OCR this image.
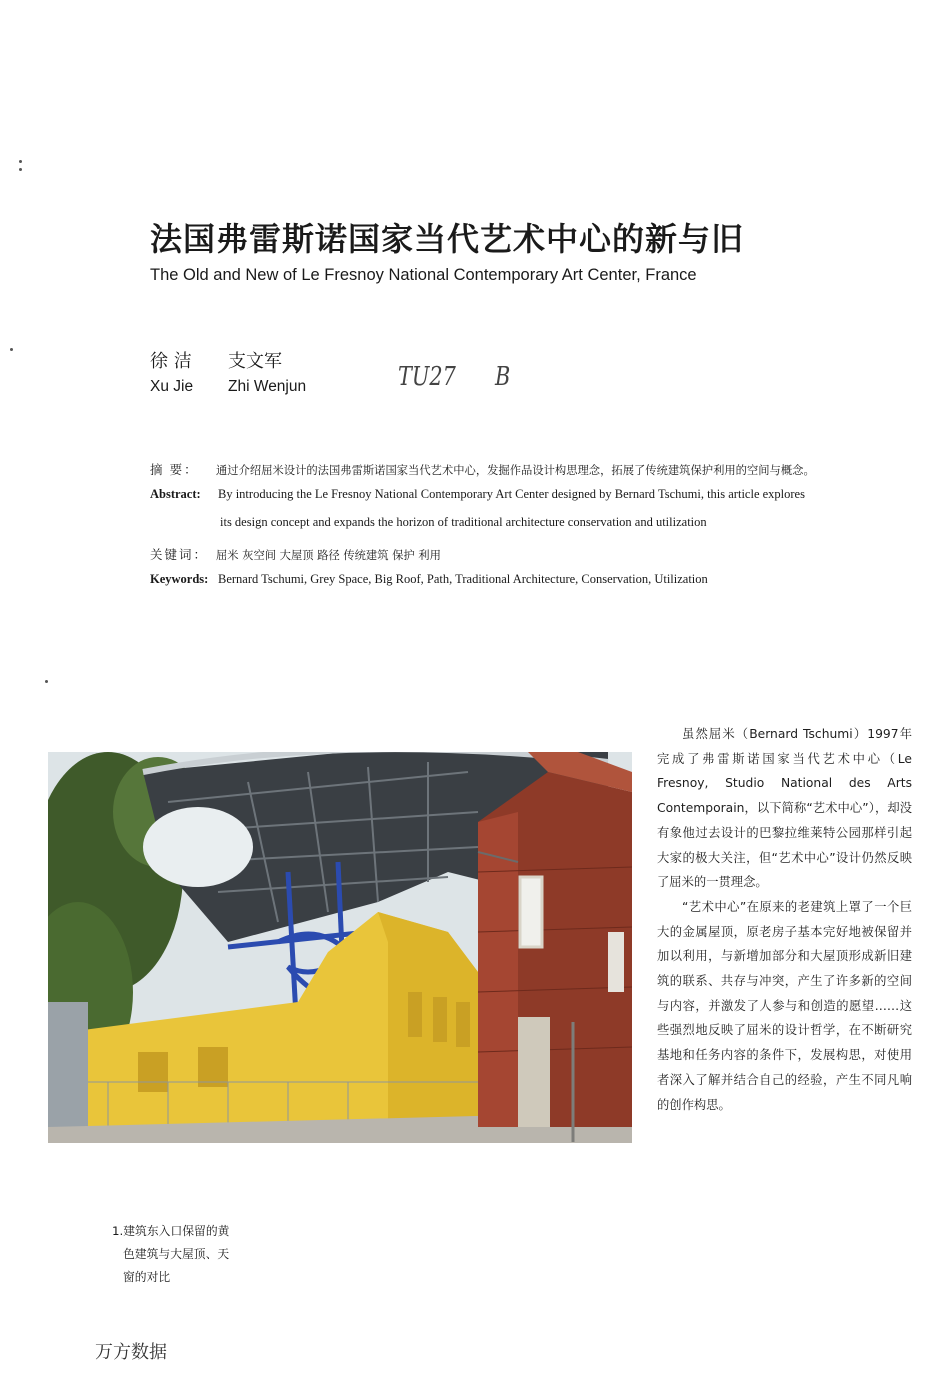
法国弗雷斯诺国家当代艺术中心的新与旧
The Old and New of Le Fresnoy National Contemporary Art Center, France
徐 洁 支文军
Xu Jie Zhi Wenjun	TU27 B
摘 要： 通过介绍屈米设计的法国弗雷斯诺国家当代艺术中心，发掘作品设计构思理念，拓展了传统建筑保护利用的空间与概念。
Abstract: By introducing the Le Fresnoy National Contemporary Art Center designed by Bernard Tschumi, this article explores
its design concept and expands the horizon of traditional architecture conservation and utilization
关键词： 屈米 灰空间 大屋顶 路径 传统建筑 保护 利用
Keywords: Bernard Tschumi, Grey Space, Big Roof, Path, Traditional Architecture, Conservation, Utilization

虽然屈米（Bernard Tschumi）1997年完成了弗雷斯诺国家当代艺术中心（Le Fresnoy, Studio National des Arts Contemporain，以下简称“艺术中心”），却没有象他过去设计的巴黎拉维莱特公园那样引起大家的极大关注，但“艺术中心”设计仍然反映了屈米的一贯理念。

“艺术中心”在原来的老建筑上罩了一个巨大的金属屋顶，原老房子基本完好地被保留并加以利用，与新增加部分和大屋顶形成新旧建筑的联系、共存与冲突，产生了许多新的空间与内容，并激发了人参与和创造的愿望……这些强烈地反映了屈米的设计哲学，在不断研究基地和任务内容的条件下，发展构思，对使用者深入了解并结合自己的经验，产生不同凡响的创作构思。

1.建筑东入口保留的黄

色建筑与大屋顶、天

窗的对比

万方数据
